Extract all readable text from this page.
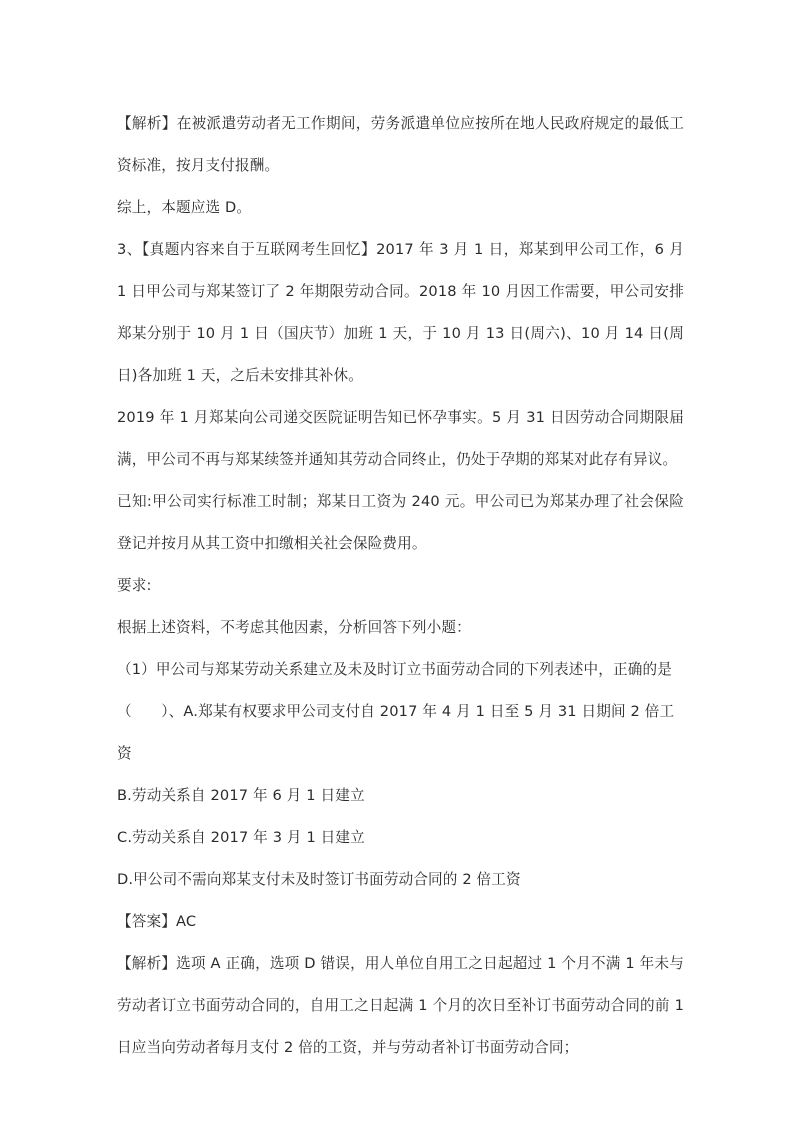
【解析】在被派遣劳动者无工作期间，劳务派遣单位应按所在地人民政府规定的最低工资标准，按月支付报酬。

综上，本题应选 D。

3、【真题内容来自于互联网考生回忆】2017 年 3 月 1 日，郑某到甲公司工作，6 月 1 日甲公司与郑某签订了 2 年期限劳动合同。2018 年 10 月因工作需要，甲公司安排郑某分别于 10 月 1 日（国庆节）加班 1 天，于 10 月 13 日(周六)、10 月 14 日(周日)各加班 1 天，之后未安排其补休。

2019 年 1 月郑某向公司递交医院证明告知已怀孕事实。5 月 31 日因劳动合同期限届满，甲公司不再与郑某续签并通知其劳动合同终止，仍处于孕期的郑某对此存有异议。

已知:甲公司实行标准工时制；郑某日工资为 240 元。甲公司已为郑某办理了社会保险登记并按月从其工资中扣缴相关社会保险费用。

要求:

根据上述资料，不考虑其他因素，分析回答下列小题：

（1）甲公司与郑某劳动关系建立及未及时订立书面劳动合同的下列表述中，正确的是

（　　）、A.郑某有权要求甲公司支付自 2017 年 4 月 1 日至 5 月 31 日期间 2 倍工资

B.劳动关系自 2017 年 6 月 1 日建立

C.劳动关系自 2017 年 3 月 1 日建立

D.甲公司不需向郑某支付未及时签订书面劳动合同的 2 倍工资

【答案】AC

【解析】选项 A 正确，选项 D 错误，用人单位自用工之日起超过 1 个月不满 1 年未与劳动者订立书面劳动合同的，自用工之日起满 1 个月的次日至补订书面劳动合同的前 1 日应当向劳动者每月支付 2 倍的工资，并与劳动者补订书面劳动合同；
